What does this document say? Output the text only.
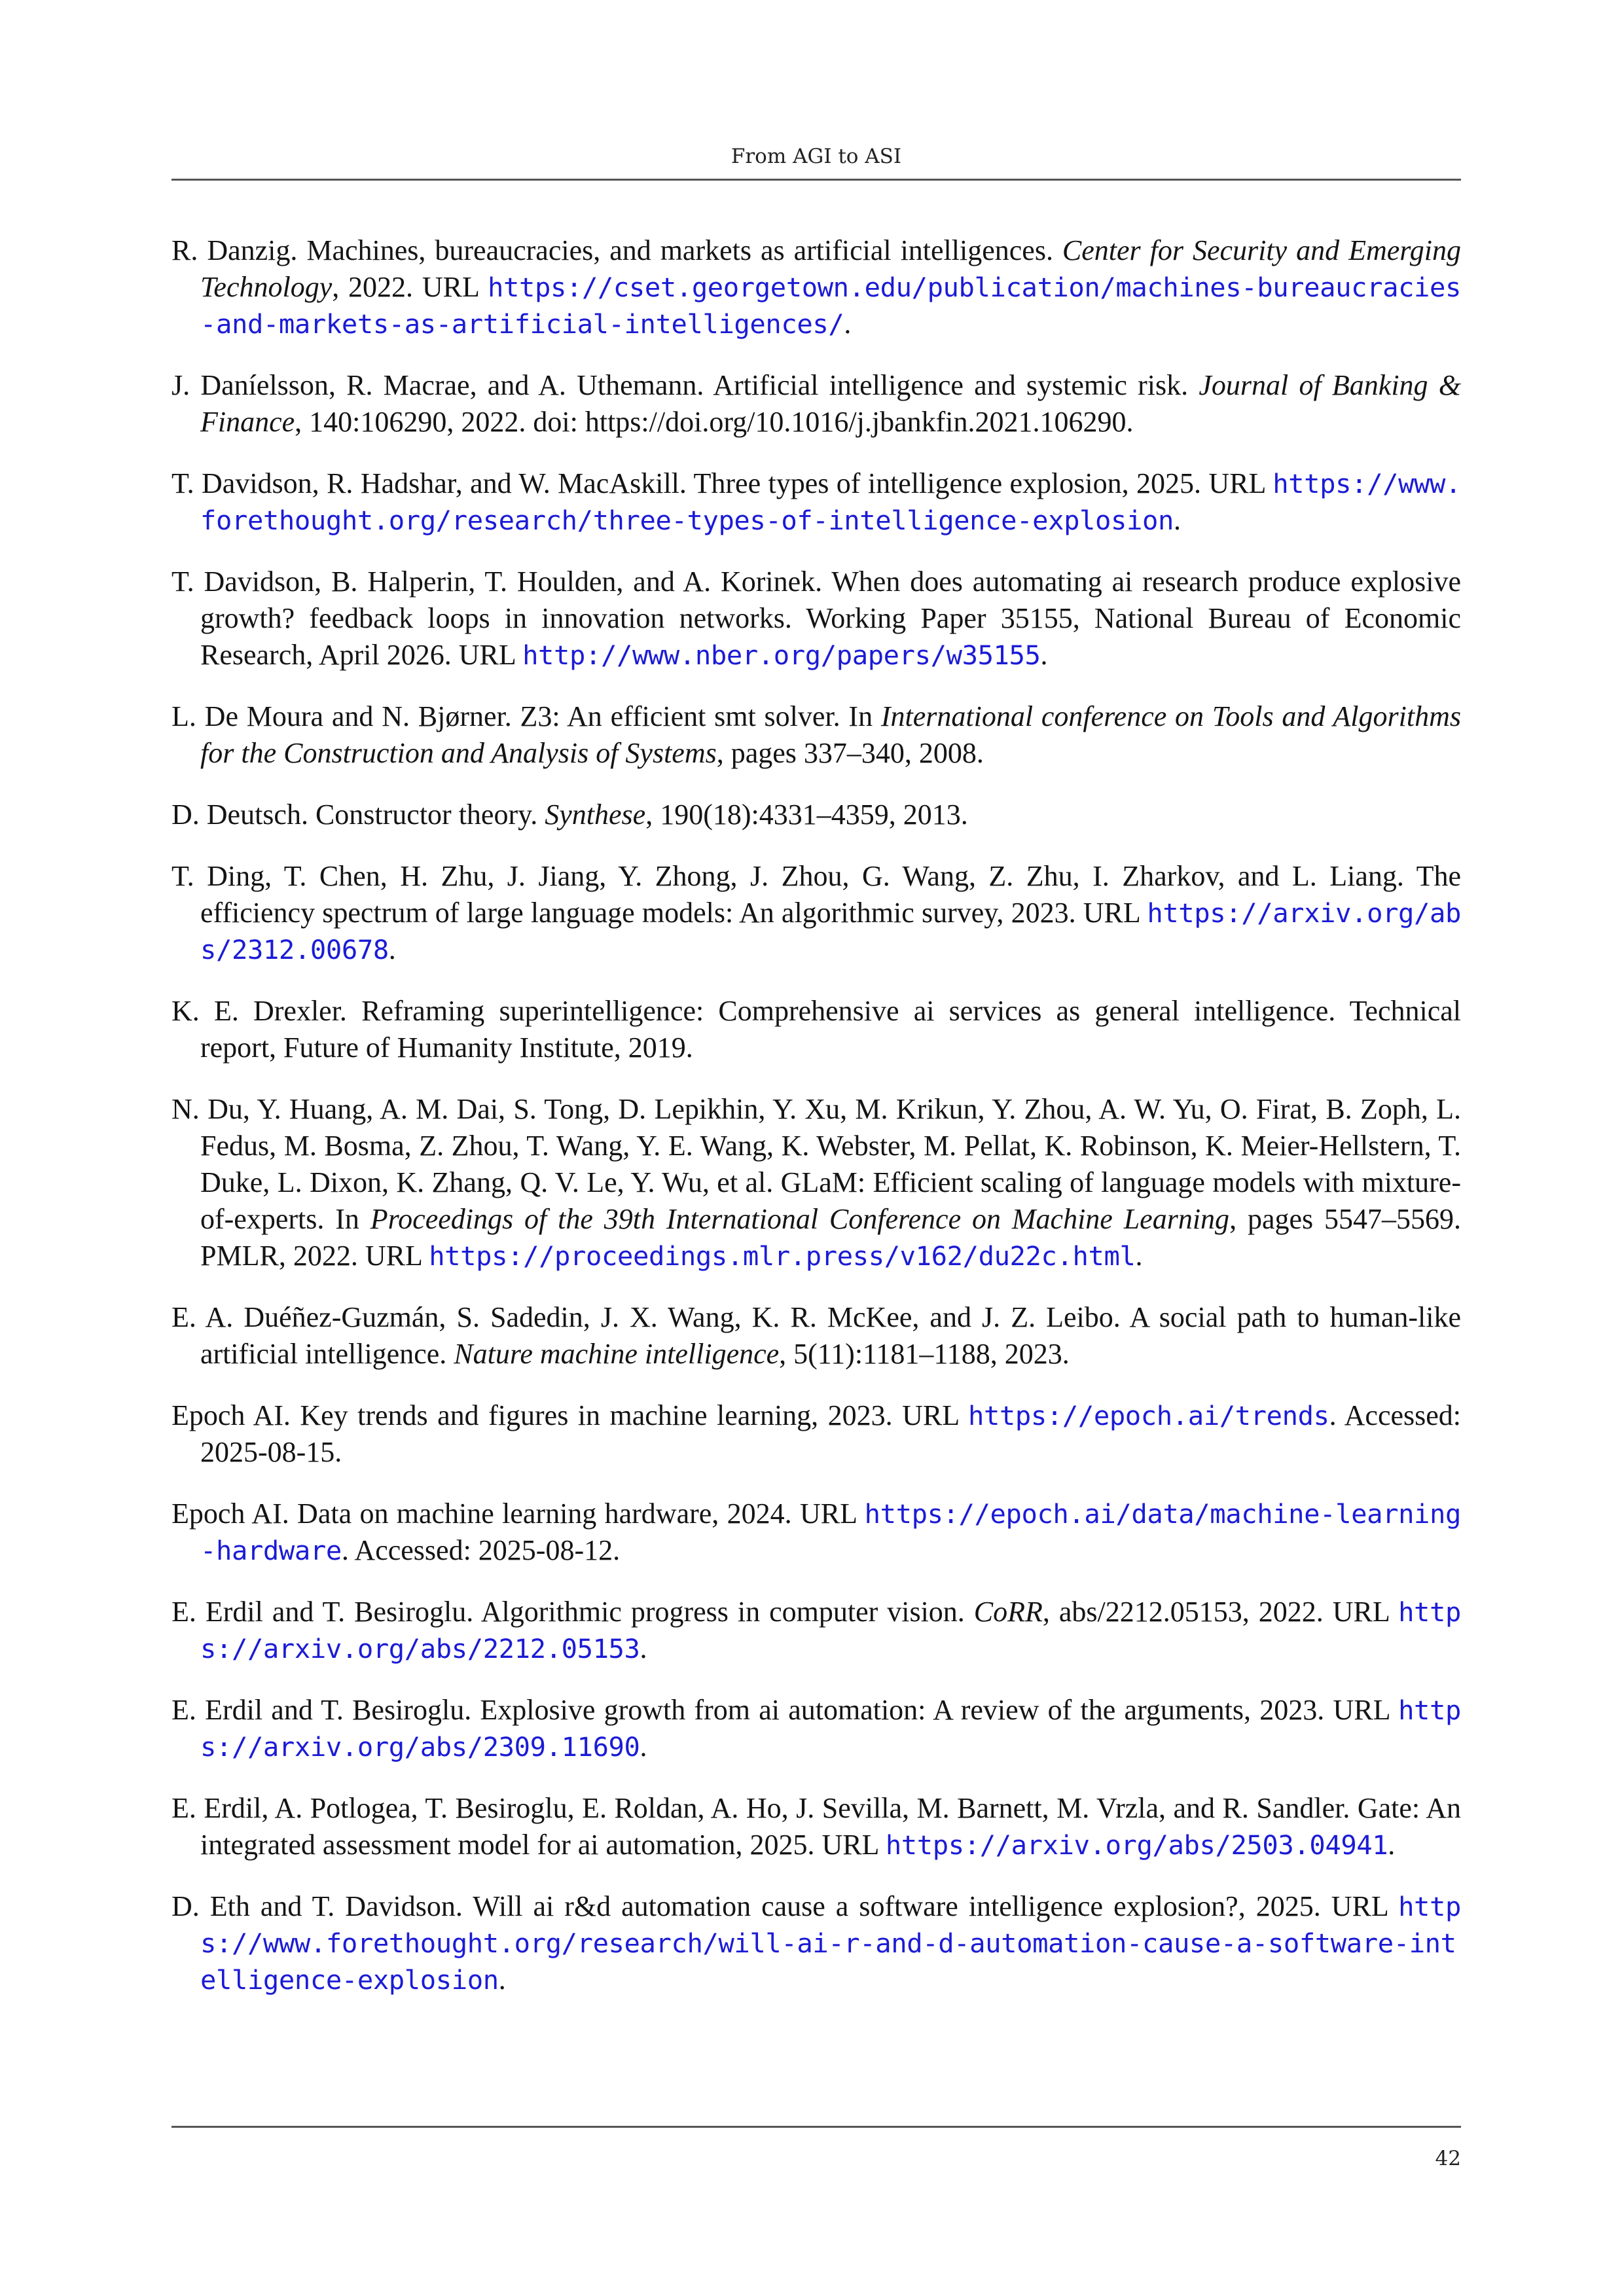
From AGI to ASI
R. Danzig. Machines, bureaucracies, and markets as artificial intelligences. Center for Security and Emerging Technology, 2022. URL https://cset.georgetown.edu/publication/machines-bureaucracies-and-markets-as-artificial-intelligences/.
J. Daníelsson, R. Macrae, and A. Uthemann. Artificial intelligence and systemic risk. Journal of Banking & Finance, 140:106290, 2022. doi: https://doi.org/10.1016/j.jbankfin.2021.106290.
T. Davidson, R. Hadshar, and W. MacAskill. Three types of intelligence explosion, 2025. URL https://www.forethought.org/research/three-types-of-intelligence-explosion.
T. Davidson, B. Halperin, T. Houlden, and A. Korinek. When does automating ai research produce explosive growth? feedback loops in innovation networks. Working Paper 35155, National Bureau of Economic Research, April 2026. URL http://www.nber.org/papers/w35155.
L. De Moura and N. Bjørner. Z3: An efficient smt solver. In International conference on Tools and Algorithms for the Construction and Analysis of Systems, pages 337–340, 2008.
D. Deutsch. Constructor theory. Synthese, 190(18):4331–4359, 2013.
T. Ding, T. Chen, H. Zhu, J. Jiang, Y. Zhong, J. Zhou, G. Wang, Z. Zhu, I. Zharkov, and L. Liang. The efficiency spectrum of large language models: An algorithmic survey, 2023. URL https://arxiv.org/abs/2312.00678.
K. E. Drexler. Reframing superintelligence: Comprehensive ai services as general intelligence. Technical report, Future of Humanity Institute, 2019.
N. Du, Y. Huang, A. M. Dai, S. Tong, D. Lepikhin, Y. Xu, M. Krikun, Y. Zhou, A. W. Yu, O. Firat, B. Zoph, L. Fedus, M. Bosma, Z. Zhou, T. Wang, Y. E. Wang, K. Webster, M. Pellat, K. Robinson, K. Meier-Hellstern, T. Duke, L. Dixon, K. Zhang, Q. V. Le, Y. Wu, et al. GLaM: Efficient scaling of language models with mixture-of-experts. In Proceedings of the 39th International Conference on Machine Learning, pages 5547–5569. PMLR, 2022. URL https://proceedings.mlr.press/v162/du22c.html.
E. A. Duéñez-Guzmán, S. Sadedin, J. X. Wang, K. R. McKee, and J. Z. Leibo. A social path to human-like artificial intelligence. Nature machine intelligence, 5(11):1181–1188, 2023.
Epoch AI. Key trends and figures in machine learning, 2023. URL https://epoch.ai/trends. Accessed: 2025-08-15.
Epoch AI. Data on machine learning hardware, 2024. URL https://epoch.ai/data/machine-learning-hardware. Accessed: 2025-08-12.
E. Erdil and T. Besiroglu. Algorithmic progress in computer vision. CoRR, abs/2212.05153, 2022. URL https://arxiv.org/abs/2212.05153.
E. Erdil and T. Besiroglu. Explosive growth from ai automation: A review of the arguments, 2023. URL https://arxiv.org/abs/2309.11690.
E. Erdil, A. Potlogea, T. Besiroglu, E. Roldan, A. Ho, J. Sevilla, M. Barnett, M. Vrzla, and R. Sandler. Gate: An integrated assessment model for ai automation, 2025. URL https://arxiv.org/abs/2503.04941.
D. Eth and T. Davidson. Will ai r&d automation cause a software intelligence explosion?, 2025. URL https://www.forethought.org/research/will-ai-r-and-d-automation-cause-a-software-intelligence-explosion.
42
